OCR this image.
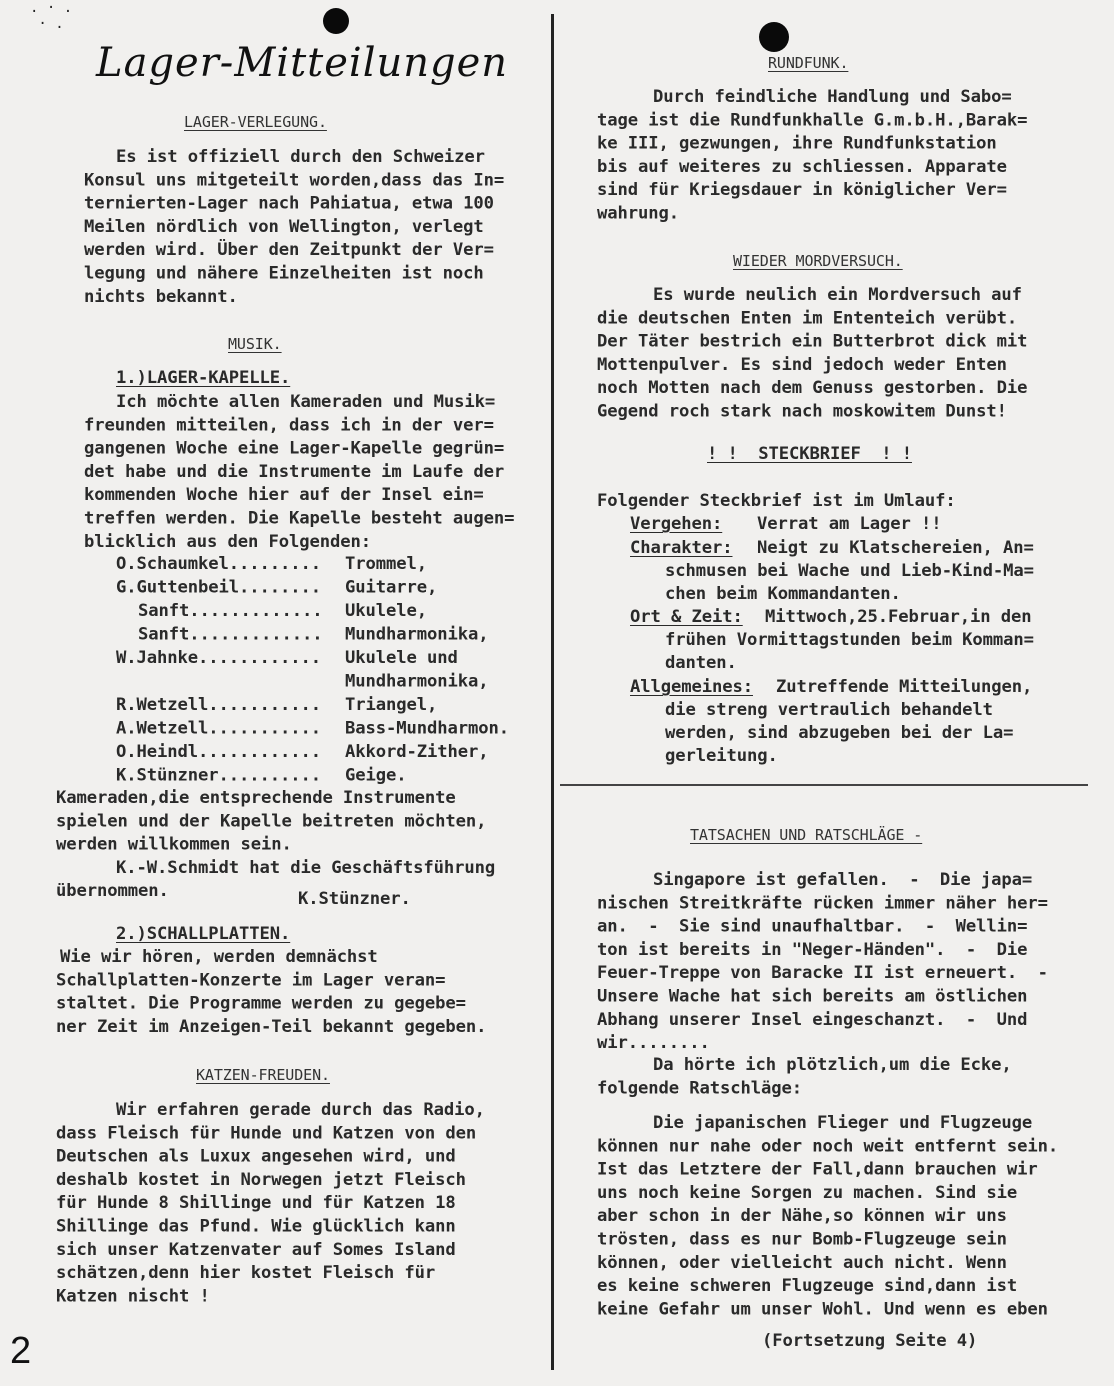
. · .
· .
Lager-Mitteilungen
LAGER-VERLEGUNG.
Es ist offiziell durch den Schweizer
Konsul uns mitgeteilt worden,dass das In=
ternierten-Lager nach Pahiatua, etwa 100
Meilen nördlich von Wellington, verlegt
werden wird. Über den Zeitpunkt der Ver=
legung und nähere Einzelheiten ist noch
nichts bekannt.
MUSIK.
1.)LAGER-KAPELLE.
Ich möchte allen Kameraden und Musik=
freunden mitteilen, dass ich in der ver=
gangenen Woche eine Lager-Kapelle gegrün=
det habe und die Instrumente im Laufe der
kommenden Woche hier auf der Insel ein=
treffen werden. Die Kapelle besteht augen=
blicklich aus den Folgenden:
O.Schaumkel......... Trommel,
G.Guttenbeil........ Guitarre,
Sanft............. Ukulele,
Sanft............. Mundharmonika,
W.Jahnke............ Ukulele und
Mundharmonika,
R.Wetzell........... Triangel,
A.Wetzell........... Bass-Mundharmon.
O.Heindl............ Akkord-Zither,
K.Stünzner.......... Geige.
Kameraden,die entsprechende Instrumente
spielen und der Kapelle beitreten möchten,
werden willkommen sein.
K.-W.Schmidt hat die Geschäftsführung
übernommen.	K.Stünzner.
2.)SCHALLPLATTEN.
Wie wir hören, werden demnächst
Schallplatten-Konzerte im Lager veran=
staltet. Die Programme werden zu gegebe=
ner Zeit im Anzeigen-Teil bekannt gegeben.
KATZEN-FREUDEN.
Wir erfahren gerade durch das Radio,
dass Fleisch für Hunde und Katzen von den
Deutschen als Luxux angesehen wird, und
deshalb kostet in Norwegen jetzt Fleisch
für Hunde 8 Shillinge und für Katzen 18
Shillinge das Pfund. Wie glücklich kann
sich unser Katzenvater auf Somes Island
schätzen,denn hier kostet Fleisch für
Katzen nischt !
RUNDFUNK.
Durch feindliche Handlung und Sabo=
tage ist die Rundfunkhalle G.m.b.H.,Barak=
ke III, gezwungen, ihre Rundfunkstation
bis auf weiteres zu schliessen. Apparate
sind für Kriegsdauer in königlicher Ver=
wahrung.
WIEDER MORDVERSUCH.
Es wurde neulich ein Mordversuch auf
die deutschen Enten im Ententeich verübt.
Der Täter bestrich ein Butterbrot dick mit
Mottenpulver. Es sind jedoch weder Enten
noch Motten nach dem Genuss gestorben. Die
Gegend roch stark nach moskowitem Dunst!
! !  STECKBRIEF  ! !
Folgender Steckbrief ist im Umlauf:
Vergehen: Verrat am Lager !!
Charakter: Neigt zu Klatschereien, An=
schmusen bei Wache und Lieb-Kind-Ma=
chen beim Kommandanten.
Ort & Zeit: Mittwoch,25.Februar,in den
frühen Vormittagstunden beim Komman=
danten.
Allgemeines: Zutreffende Mitteilungen,
die streng vertraulich behandelt
werden, sind abzugeben bei der La=
gerleitung.
TATSACHEN UND RATSCHLÄGE -
Singapore ist gefallen.  -  Die japa=
nischen Streitkräfte rücken immer näher her=
an.  -  Sie sind unaufhaltbar.  -  Wellin=
ton ist bereits in "Neger-Händen".  -  Die
Feuer-Treppe von Baracke II ist erneuert.  -
Unsere Wache hat sich bereits am östlichen
Abhang unserer Insel eingeschanzt.  -  Und
wir........
Da hörte ich plötzlich,um die Ecke,
folgende Ratschläge:
Die japanischen Flieger und Flugzeuge
können nur nahe oder noch weit entfernt sein.
Ist das Letztere der Fall,dann brauchen wir
uns noch keine Sorgen zu machen. Sind sie
aber schon in der Nähe,so können wir uns
trösten, dass es nur Bomb-Flugzeuge sein
können, oder vielleicht auch nicht. Wenn
es keine schweren Flugzeuge sind,dann ist
keine Gefahr um unser Wohl. Und wenn es eben
(Fortsetzung Seite 4)
2
